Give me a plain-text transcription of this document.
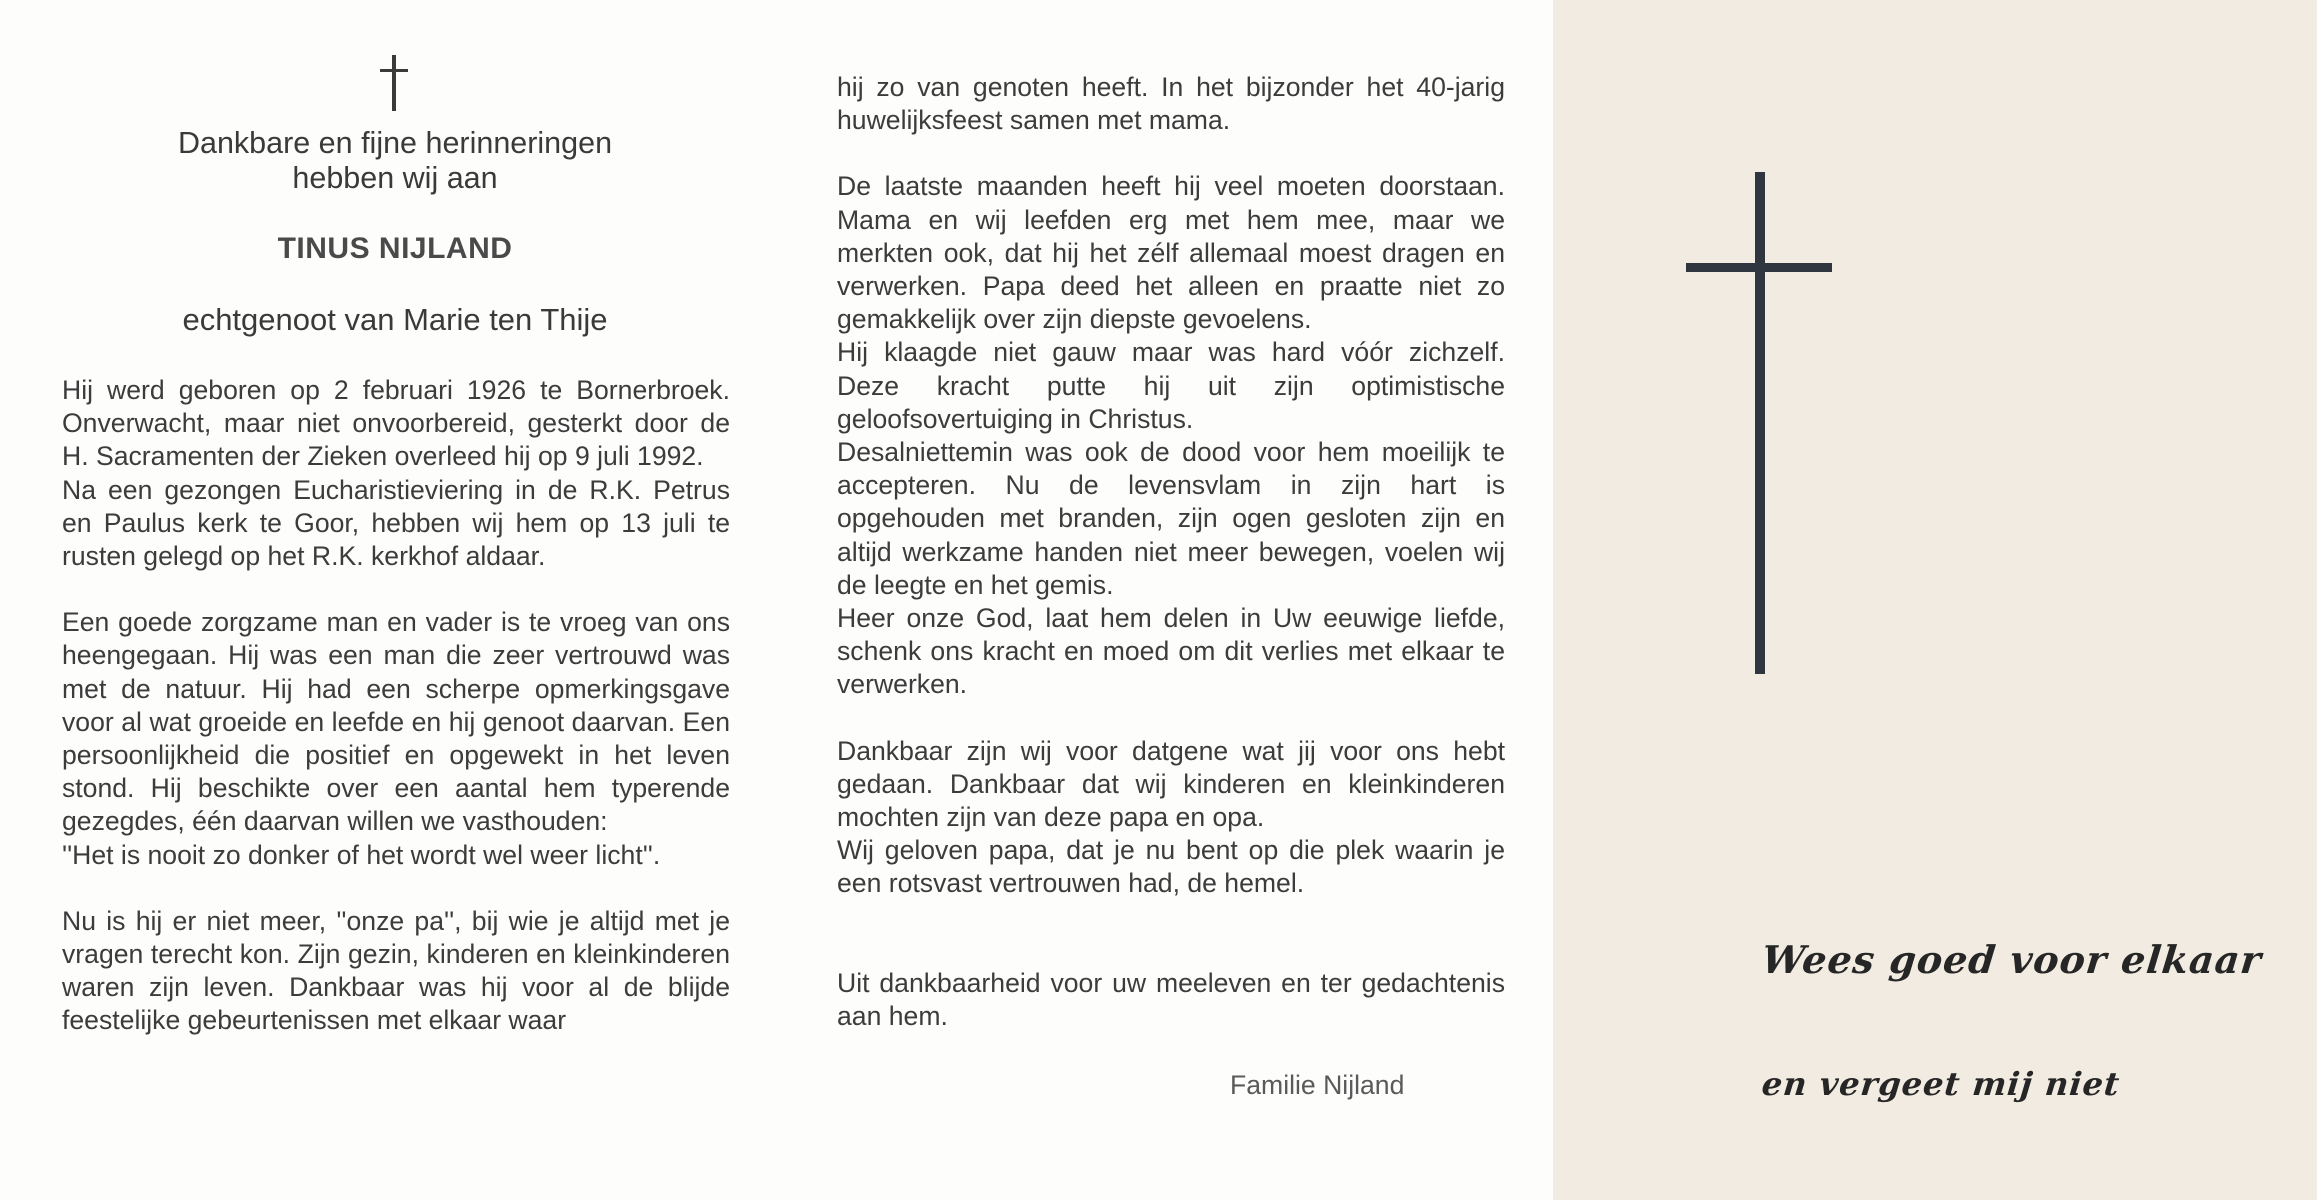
Dankbare en fijne herinneringen
hebben wij aan
TINUS NIJLAND
echtgenoot van Marie ten Thije

Hij werd geboren op 2 februari 1926 te Bornerbroek. Onverwacht, maar niet onvoorbereid, gesterkt door de H. Sacramenten der Zieken overleed hij op 9 juli 1992.

Na een gezongen Eucharistieviering in de R.K. Petrus en Paulus kerk te Goor, hebben wij hem op 13 juli te rusten gelegd op het R.K. kerkhof aldaar.

Een goede zorgzame man en vader is te vroeg van ons heengegaan. Hij was een man die zeer vertrouwd was met de natuur. Hij had een scherpe opmerkingsgave voor al wat groeide en leefde en hij genoot daarvan. Een persoonlijkheid die positief en opgewekt in het leven stond. Hij beschikte over een aantal hem typerende gezegdes, één daarvan willen we vasthouden:

''Het is nooit zo donker of het wordt wel weer licht''.

Nu is hij er niet meer, ''onze pa'', bij wie je altijd met je vragen terecht kon. Zijn gezin, kinderen en kleinkinderen waren zijn leven. Dankbaar was hij voor al de blijde feestelijke gebeurtenissen met elkaar waar

hij zo van genoten heeft. In het bijzonder het 40-jarig huwelijksfeest samen met mama.

De laatste maanden heeft hij veel moeten doorstaan. Mama en wij leefden erg met hem mee, maar we merkten ook, dat hij het zélf allemaal moest dragen en verwerken. Papa deed het alleen en praatte niet zo gemakkelijk over zijn diepste gevoelens.

Hij klaagde niet gauw maar was hard vóór zichzelf. Deze kracht putte hij uit zijn optimistische geloofsovertuiging in Christus.

Desalniettemin was ook de dood voor hem moeilijk te accepteren. Nu de levensvlam in zijn hart is opgehouden met branden, zijn ogen gesloten zijn en altijd werkzame handen niet meer bewegen, voelen wij de leegte en het gemis.

Heer onze God, laat hem delen in Uw eeuwige liefde, schenk ons kracht en moed om dit verlies met elkaar te verwerken.

Dankbaar zijn wij voor datgene wat jij voor ons hebt gedaan. Dankbaar dat wij kinderen en kleinkinderen mochten zijn van deze papa en opa.

Wij geloven papa, dat je nu bent op die plek waarin je een rotsvast vertrouwen had, de hemel.

Uit dankbaarheid voor uw meeleven en ter gedachtenis aan hem.

Familie Nijland
Wees goed voor elkaar
en vergeet mij niet
